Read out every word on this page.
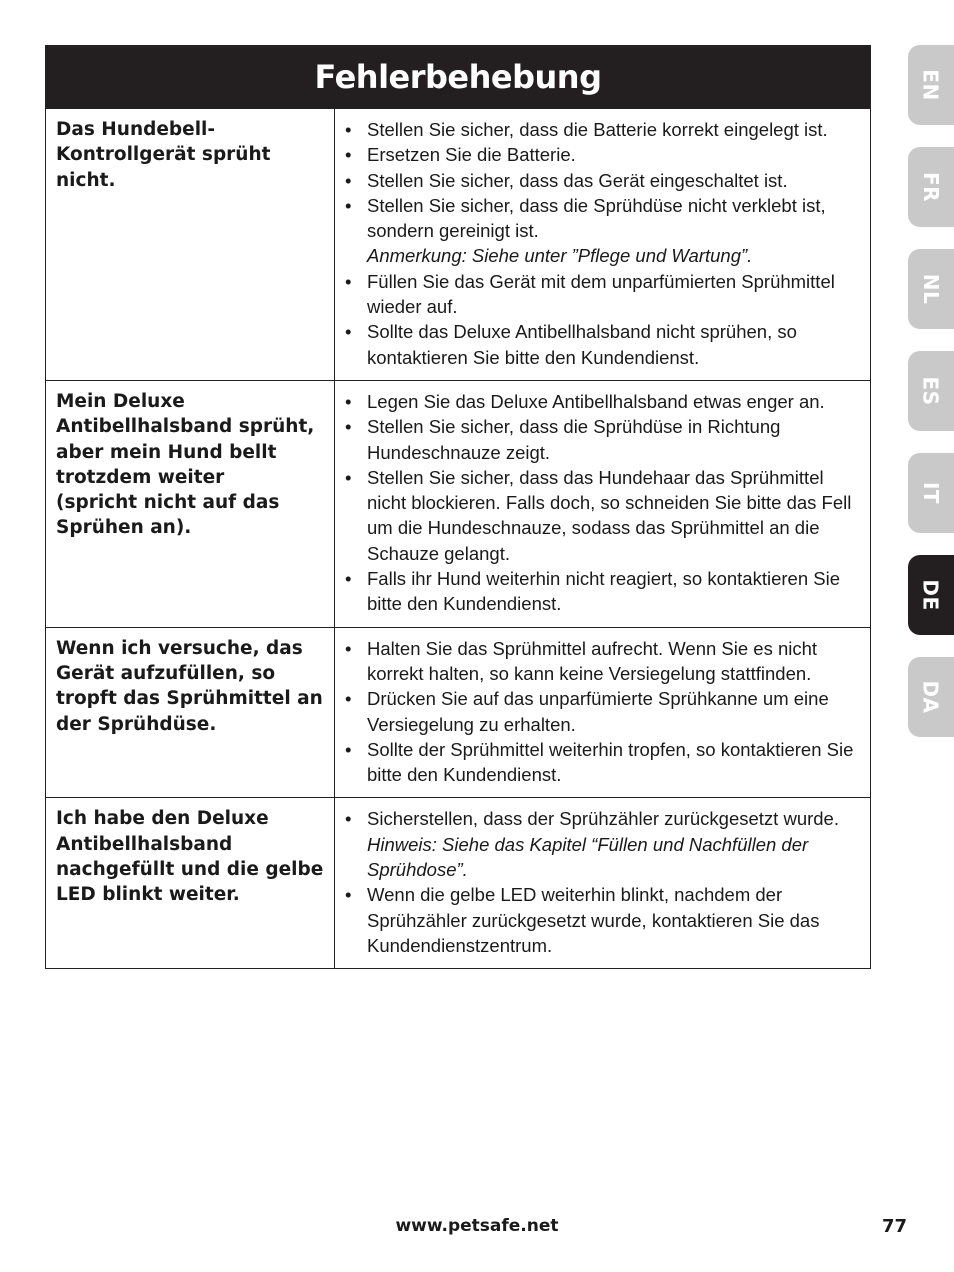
Fehlerbehebung
Das Hundebell-
Kontrollgerät sprüht
nicht.
• Stellen Sie sicher, dass die Batterie korrekt eingelegt ist.
• Ersetzen Sie die Batterie.
• Stellen Sie sicher, dass das Gerät eingeschaltet ist.
• Stellen Sie sicher, dass die Sprühdüse nicht verklebt ist, sondern gereinigt ist.
Anmerkung: Siehe unter ”Pflege und Wartung”.
• Füllen Sie das Gerät mit dem unparfümierten Sprühmittel wieder auf.
• Sollte das Deluxe Antibellhalsband nicht sprühen, so kontaktieren Sie bitte den Kundendienst.
Mein Deluxe
Antibellhalsband sprüht,
aber mein Hund bellt
trotzdem weiter
(spricht nicht auf das
Sprühen an).
• Legen Sie das Deluxe Antibellhalsband etwas enger an.
• Stellen Sie sicher, dass die Sprühdüse in Richtung Hundeschnauze zeigt.
• Stellen Sie sicher, dass das Hundehaar das Sprühmittel nicht blockieren. Falls doch, so schneiden Sie bitte das Fell um die Hundeschnauze, sodass das Sprühmittel an die Schauze gelangt.
• Falls ihr Hund weiterhin nicht reagiert, so kontaktieren Sie bitte den Kundendienst.
Wenn ich versuche, das
Gerät aufzufüllen, so
tropft das Sprühmittel an
der Sprühdüse.
• Halten Sie das Sprühmittel aufrecht. Wenn Sie es nicht korrekt halten, so kann keine Versiegelung stattfinden.
• Drücken Sie auf das unparfümierte Sprühkanne um eine Versiegelung zu erhalten.
• Sollte der Sprühmittel weiterhin tropfen, so kontaktieren Sie bitte den Kundendienst.
Ich habe den Deluxe
Antibellhalsband
nachgefüllt und die gelbe
LED blinkt weiter.
• Sicherstellen, dass der Sprühzähler zurückgesetzt wurde.
Hinweis: Siehe das Kapitel “Füllen und Nachfüllen der Sprühdose”.
• Wenn die gelbe LED weiterhin blinkt, nachdem der Sprühzähler zurückgesetzt wurde, kontaktieren Sie das Kundendienstzentrum.
EN
FR
NL
ES
IT
DE
DA
www.petsafe.net	77
